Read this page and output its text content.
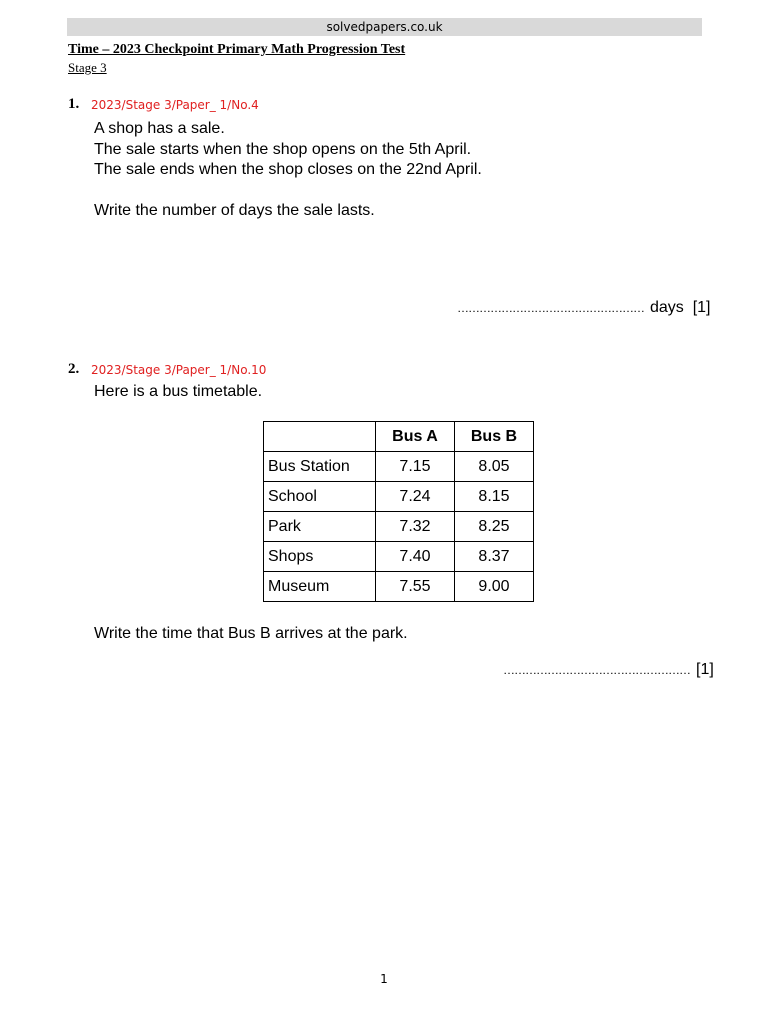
solvedpapers.co.uk
Time – 2023 Checkpoint Primary Math Progression Test
Stage 3
1. 2023/Stage 3/Paper_ 1/No.4
A shop has a sale.
The sale starts when the shop opens on the 5th April.
The sale ends when the shop closes on the 22nd April.
Write the number of days the sale lasts.
…………………………………………… days [1]
2. 2023/Stage 3/Paper_ 1/No.10
Here is a bus timetable.
	Bus A	Bus B
Bus Station	7.15	8.05
School	7.24	8.15
Park	7.32	8.25
Shops	7.40	8.37
Museum	7.55	9.00
Write the time that Bus B arrives at the park.
…………………………………………… [1]
1
